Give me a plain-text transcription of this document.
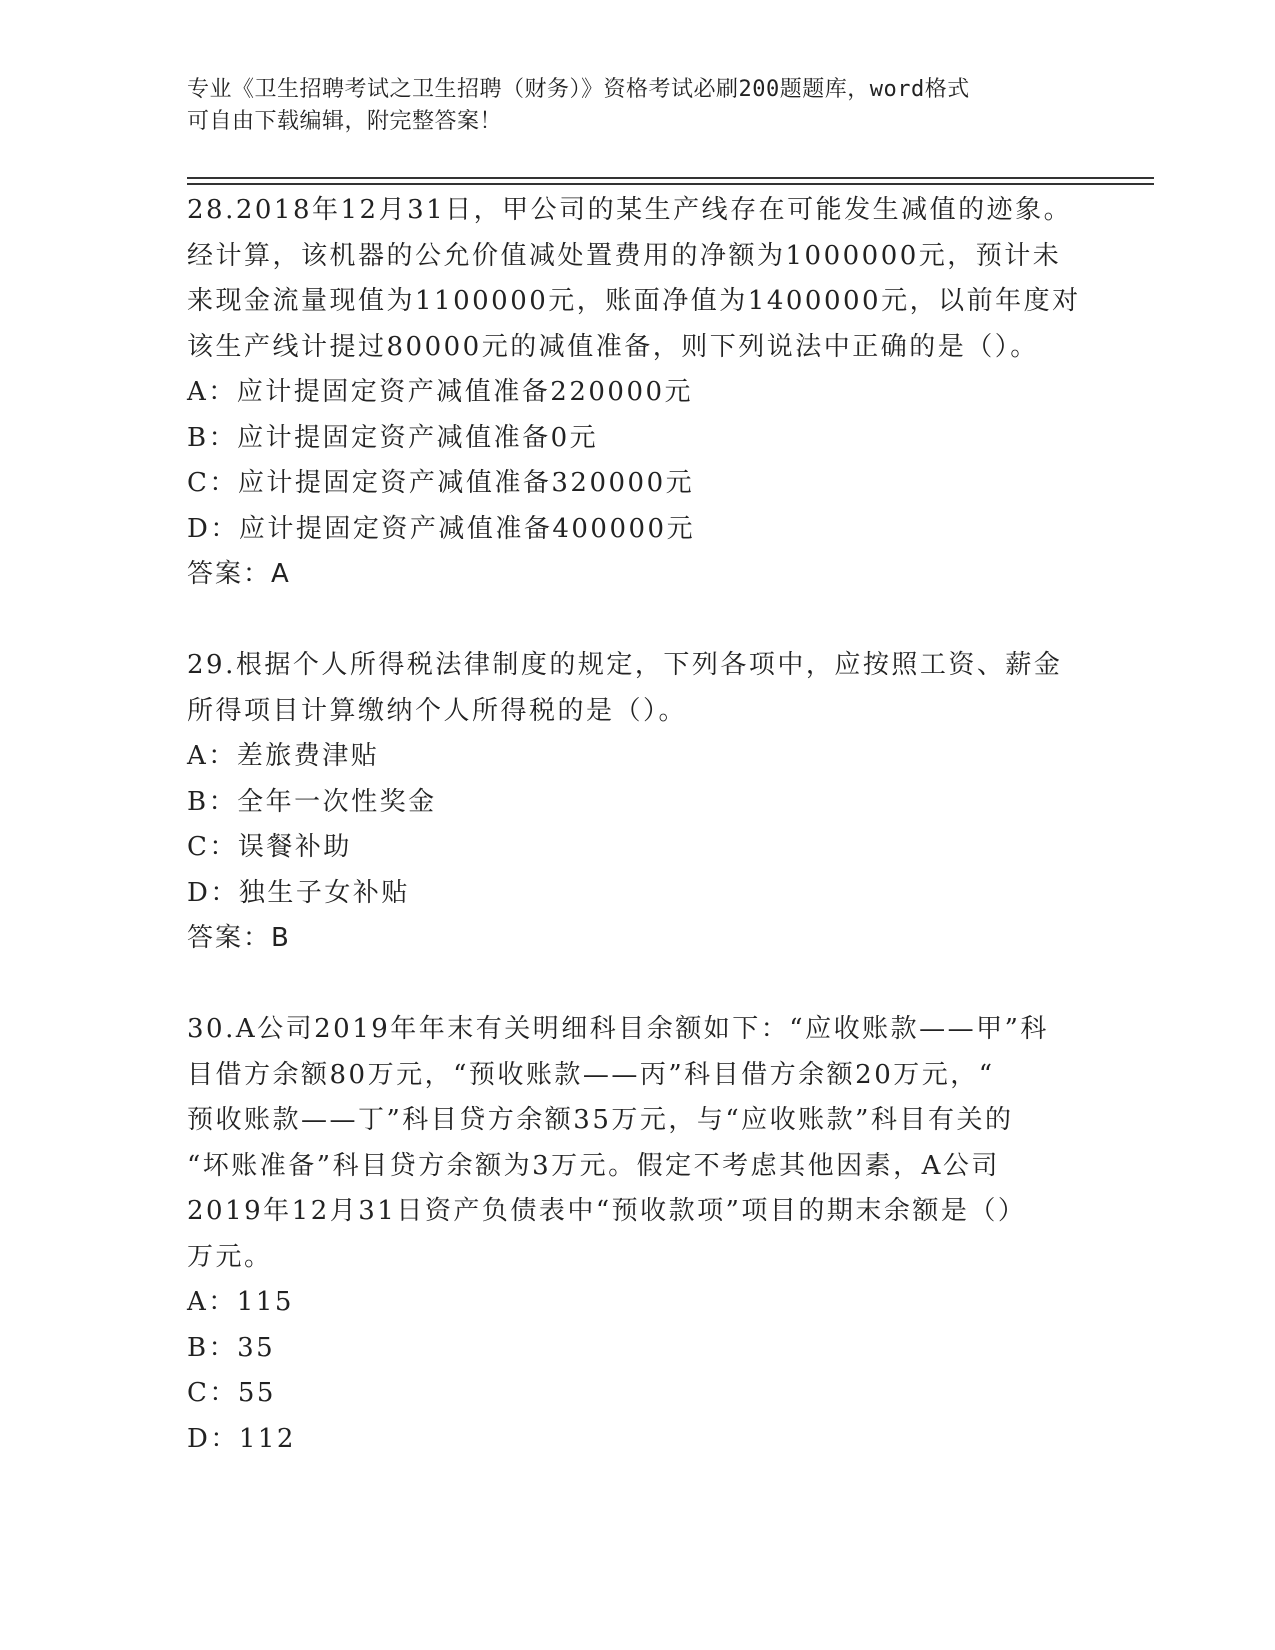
专业《卫生招聘考试之卫生招聘（财务）》资格考试必刷200题题库，word格式
可自由下载编辑，附完整答案！
28.2018年12月31日，甲公司的某生产线存在可能发生减值的迹象。
经计算，该机器的公允价值减处置费用的净额为1000000元，预计未
来现金流量现值为1100000元，账面净值为1400000元，以前年度对
该生产线计提过80000元的减值准备，则下列说法中正确的是（）。
A：应计提固定资产减值准备220000元
B：应计提固定资产减值准备0元
C：应计提固定资产减值准备320000元
D：应计提固定资产减值准备400000元
答案：A
29.根据个人所得税法律制度的规定，下列各项中，应按照工资、薪金
所得项目计算缴纳个人所得税的是（）。
A：差旅费津贴
B：全年一次性奖金
C：误餐补助
D：独生子女补贴
答案：B
30.A公司2019年年末有关明细科目余额如下：“应收账款——甲”科
目借方余额80万元，“预收账款——丙”科目借方余额20万元，“
预收账款——丁”科目贷方余额35万元，与“应收账款”科目有关的
“坏账准备”科目贷方余额为3万元。假定不考虑其他因素，A公司
2019年12月31日资产负债表中“预收款项”项目的期末余额是（）
万元。
A：115
B：35
C：55
D：112
